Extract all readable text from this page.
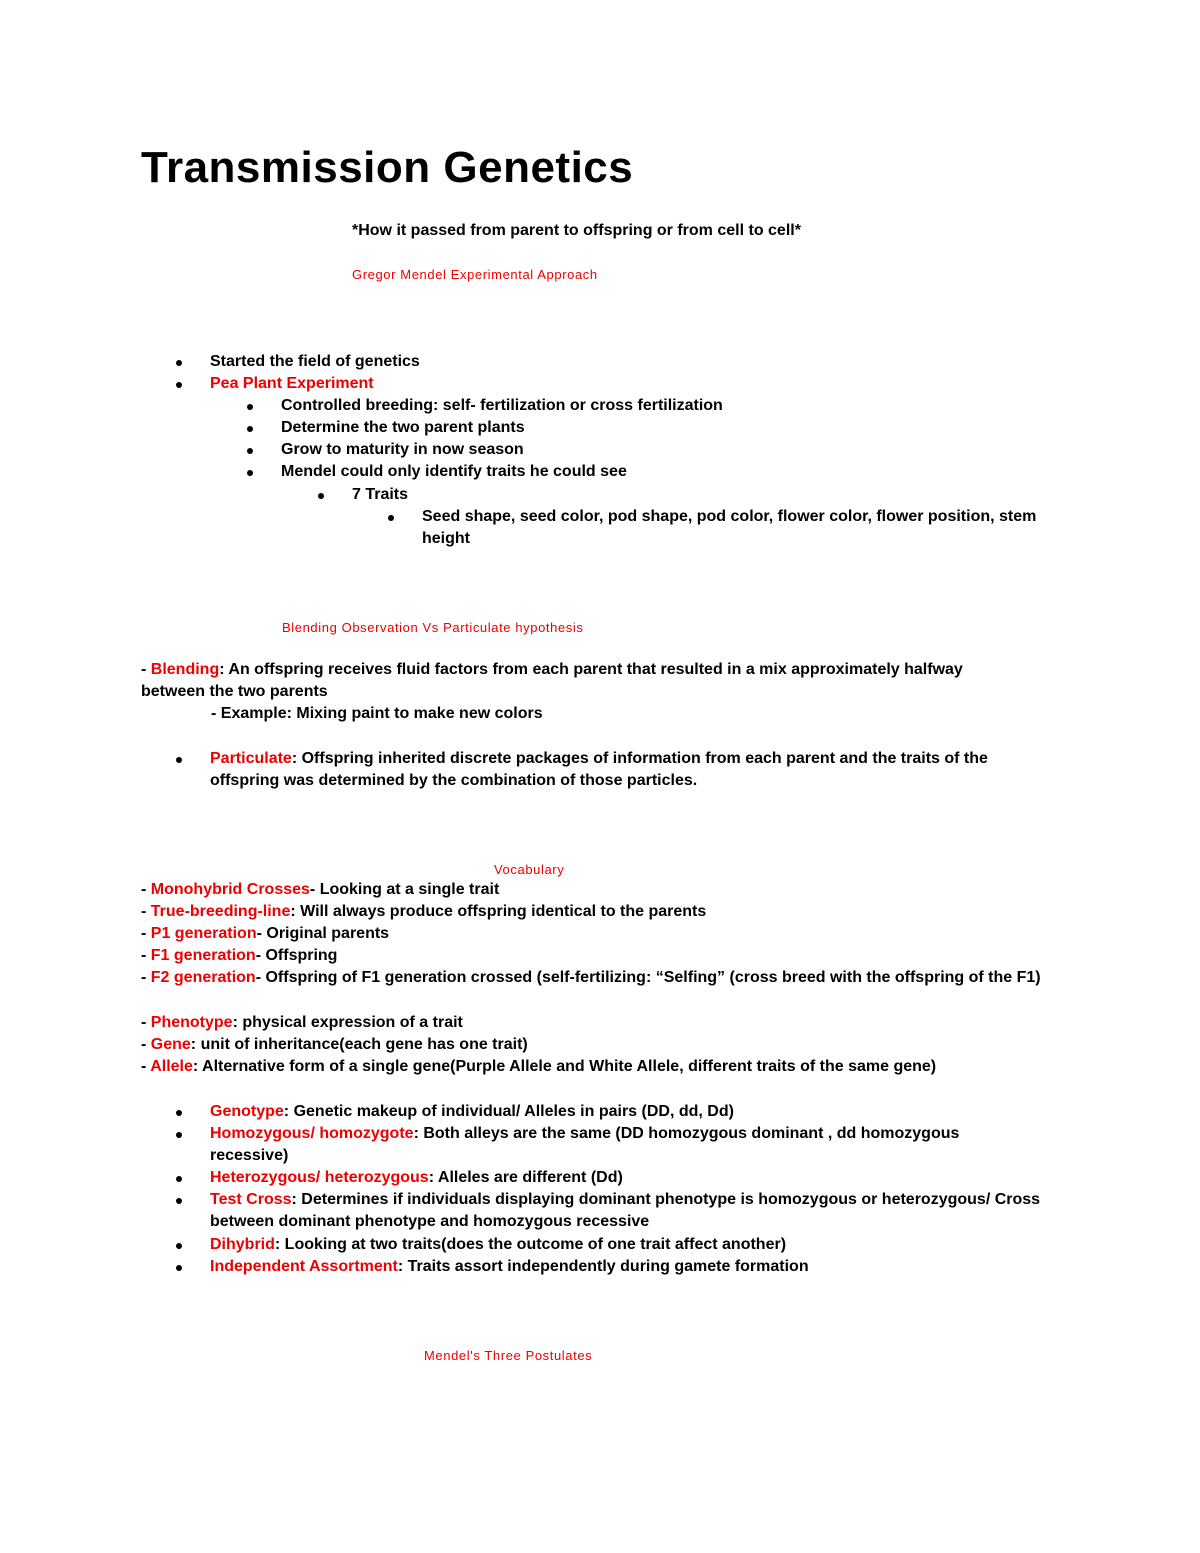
Transmission Genetics

*How it passed from parent to offspring or from cell to cell*

Gregor Mendel Experimental Approach

Started the field of genetics
Pea Plant Experiment
Controlled breeding: self- fertilization or cross fertilization
Determine the two parent plants
Grow to maturity in now season
Mendel could only identify traits he could see
7 Traits
Seed shape, seed color, pod shape, pod color, flower color, flower position, stem height

Blending Observation Vs Particulate hypothesis

- Blending: An offspring receives fluid factors from each parent that resulted in a mix approximately halfway between the two parents

- Example: Mixing paint to make new colors

Particulate: Offspring inherited discrete packages of information from each parent and the traits of the offspring was determined by the combination of those particles.

Vocabulary

- Monohybrid Crosses- Looking at a single trait

- True-breeding-line: Will always produce offspring identical to the parents

- P1 generation- Original parents

- F1 generation- Offspring

- F2 generation- Offspring of F1 generation crossed (self-fertilizing: “Selfing” (cross breed with the offspring of the F1)

- Phenotype: physical expression of a trait

- Gene: unit of inheritance(each gene has one trait)

- Allele: Alternative form of a single gene(Purple Allele and White Allele, different traits of the same gene)

Genotype: Genetic makeup of individual/ Alleles in pairs (DD, dd, Dd)
Homozygous/ homozygote: Both alleys are the same (DD homozygous dominant , dd homozygous recessive)
Heterozygous/ heterozygous: Alleles are different (Dd)
Test Cross: Determines if individuals displaying dominant phenotype is homozygous or heterozygous/ Cross between dominant phenotype and homozygous recessive
Dihybrid: Looking at two traits(does the outcome of one trait affect another)
Independent Assortment: Traits assort independently during gamete formation

Mendel's Three Postulates
